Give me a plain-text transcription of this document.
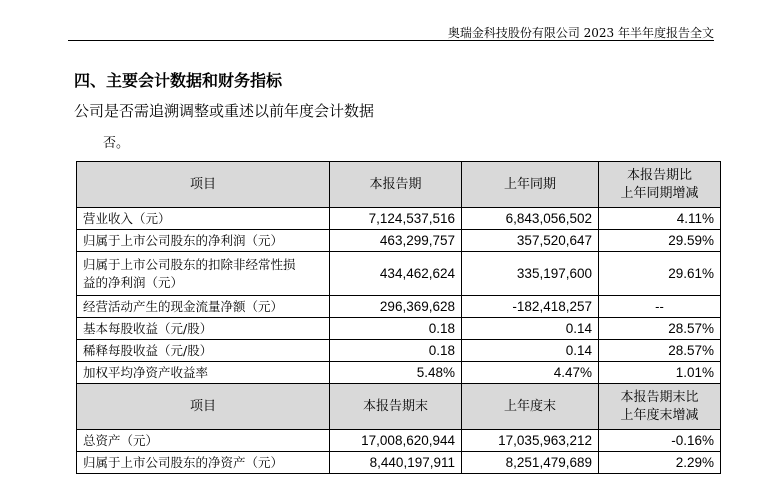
奥瑞金科技股份有限公司 2023 年半年度报告全文
四、主要会计数据和财务指标
公司是否需追溯调整或重述以前年度会计数据
否。
项目	本报告期	上年同期	本报告期比
上年同期增减

营业收入（元）	7,124,537,516	6,843,056,502	4.11%
归属于上市公司股东的净利润（元）	463,299,757	357,520,647	29.59%

归属于上市公司股东的扣除非经常性损
益的净利润（元）	434,462,624	335,197,600	29.61%
经营活动产生的现金流量净额（元）	296,369,628	-182,418,257	--
基本每股收益（元/股）	0.18	0.14	28.57%
稀释每股收益（元/股）	0.18	0.14	28.57%
加权平均净资产收益率	5.48%	4.47%	1.01%
项目	本报告期末	上年度末	本报告期末比
上年度末增减

总资产（元）	17,008,620,944	17,035,963,212	-0.16%
归属于上市公司股东的净资产（元）	8,440,197,911	8,251,479,689	2.29%
